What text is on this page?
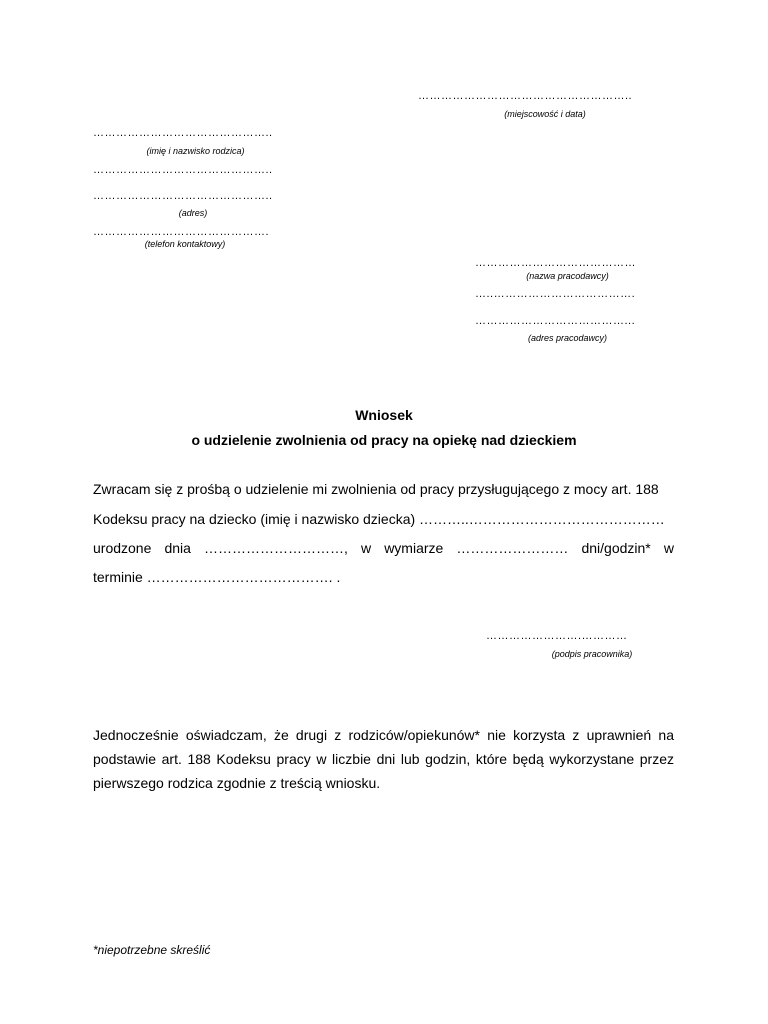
………………………………………………..
(miejscowość i data)
………………………………………..
(imię i nazwisko rodzica)
………………………………………..
………………………………………..
(adres)
……………………………………….
(telefon kontaktowy)
……………………………………
(nazwa pracodawcy)
…..……………………………….
…………………………………...
(adres pracodawcy)
Wniosek
o udzielenie zwolnienia od pracy na opiekę nad dzieckiem
Zwracam się z prośbą o udzielenie mi zwolnienia od pracy przysługującego z mocy art. 188
Kodeksu pracy na dziecko (imię i nazwisko dziecka) ………..……………………………………
urodzone dnia …………………………, w wymiarze …………………… dni/godzin* w
terminie …………………………………. .
…………………….…………
(podpis pracownika)
Jednocześnie oświadczam, że drugi z rodziców/opiekunów* nie korzysta z uprawnień na podstawie art. 188 Kodeksu pracy w liczbie dni lub godzin, które będą wykorzystane przez pierwszego rodzica zgodnie z treścią wniosku.
*niepotrzebne skreślić
